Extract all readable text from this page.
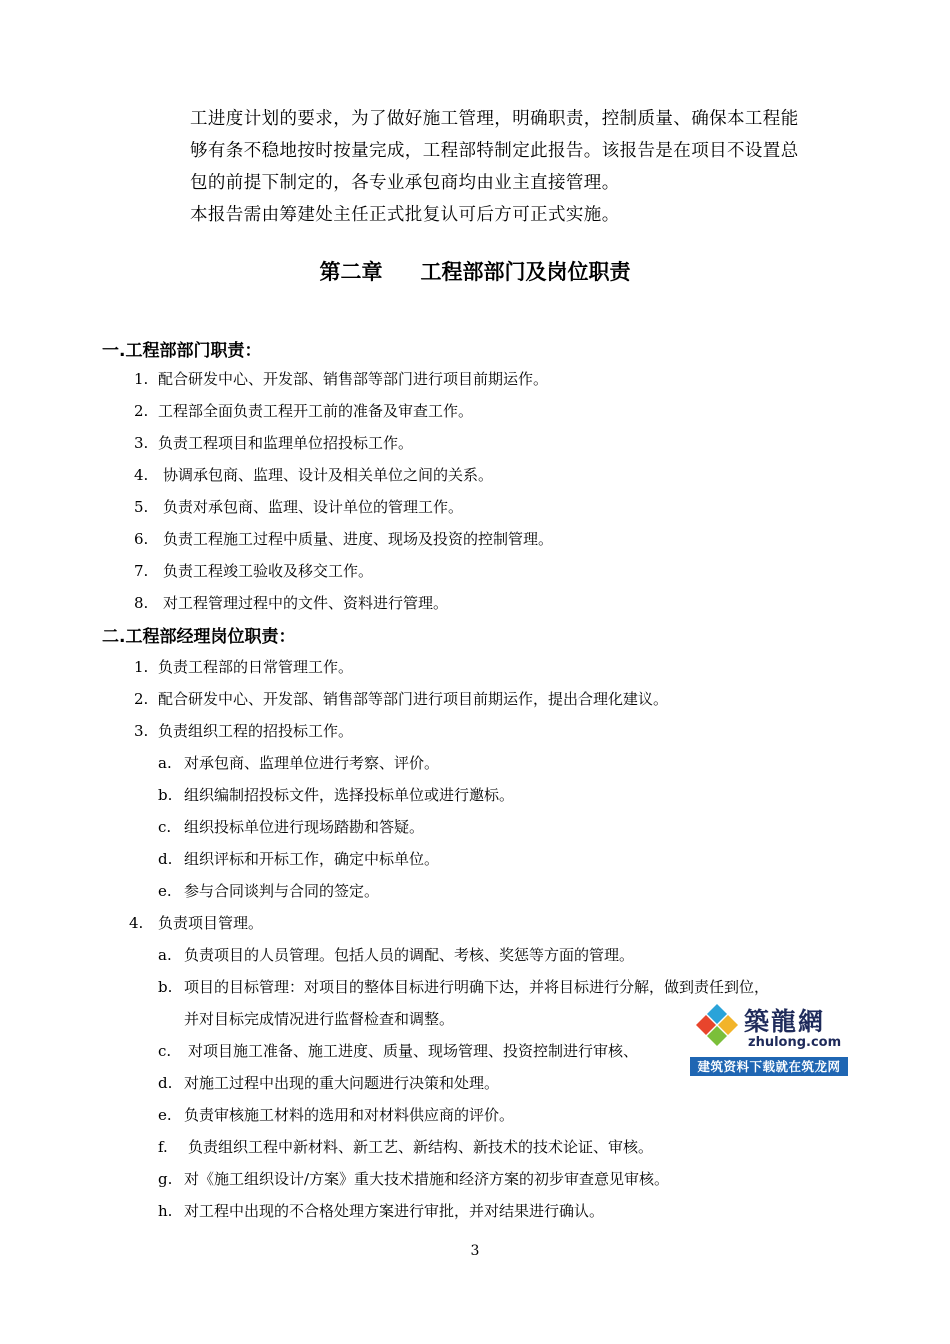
工进度计划的要求，为了做好施工管理，明确职责，控制质量、确保本工程能

够有条不稳地按时按量完成，工程部特制定此报告。该报告是在项目不设置总

包的前提下制定的，各专业承包商均由业主直接管理。

本报告需由筹建处主任正式批复认可后方可正式实施。

第二章 工程部部门及岗位职责
一.工程部部门职责：
1. 配合研发中心、开发部、销售部等部门进行项目前期运作。
2. 工程部全面负责工程开工前的准备及审查工作。
3. 负责工程项目和监理单位招投标工作。
4. 协调承包商、监理、设计及相关单位之间的关系。
5. 负责对承包商、监理、设计单位的管理工作。
6. 负责工程施工过程中质量、进度、现场及投资的控制管理。
7. 负责工程竣工验收及移交工作。
8. 对工程管理过程中的文件、资料进行管理。
二.工程部经理岗位职责：
1. 负责工程部的日常管理工作。
2. 配合研发中心、开发部、销售部等部门进行项目前期运作，提出合理化建议。
3. 负责组织工程的招投标工作。
a. 对承包商、监理单位进行考察、评价。
b. 组织编制招投标文件，选择投标单位或进行邀标。
c. 组织投标单位进行现场踏勘和答疑。
d. 组织评标和开标工作，确定中标单位。
e. 参与合同谈判与合同的签定。
4. 负责项目管理。
a. 负责项目的人员管理。包括人员的调配、考核、奖惩等方面的管理。
b. 项目的目标管理：对项目的整体目标进行明确下达，并将目标进行分解，做到责任到位，
并对目标完成情况进行监督检查和调整。
c. 对项目施工准备、施工进度、质量、现场管理、投资控制进行审核、
d. 对施工过程中出现的重大问题进行决策和处理。
e. 负责审核施工材料的选用和对材料供应商的评价。
f. 负责组织工程中新材料、新工艺、新结构、新技术的技术论证、审核。
g. 对《施工组织设计/方案》重大技术措施和经济方案的初步审查意见审核。
h. 对工程中出现的不合格处理方案进行审批，并对结果进行确认。
築龍網
zhulong.com
建筑资料下载就在筑龙网
3
